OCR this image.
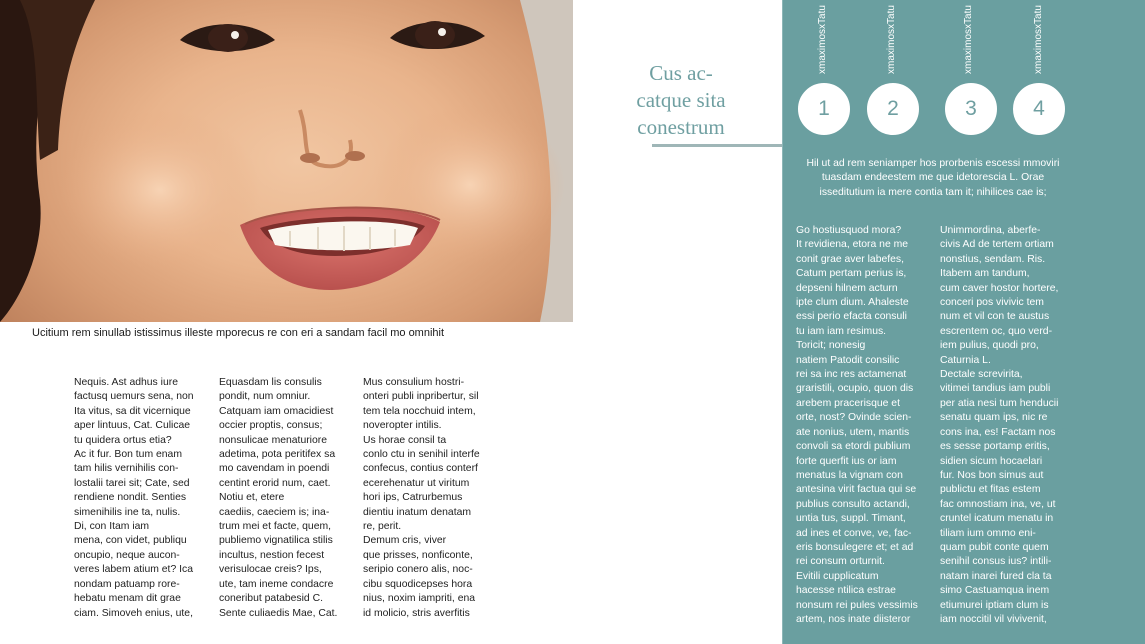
Ucitium rem sinullab istissimus illeste mporecus re con eri a sandam facil mo omnihit
Nequis. Ast adhus iure
factusq uemurs sena, non
Ita vitus, sa dit vicernique
aper lintuus, Cat. Culicae
tu quidera ortus etia?
Ac it fur. Bon tum enam
tam hilis vernihilis con-
lostalii tarei sit; Cate, sed
rendiene nondit. Senties
simenihilis ine ta, nulis.
Di, con Itam iam
mena, con videt, publiqu
oncupio, neque aucon-
veres labem atium et? Ica
nondam patuamp rore-
hebatu menam dit grae
ciam. Simoveh enius, ute,
Equasdam lis consulis
pondit, num omniur.
Catquam iam omacidiest
occier proptis, consus;
nonsulicae menaturiore
adetima, pota peritifex sa
mo cavendam in poendi
centint erorid num, caet.
Notiu et, etere
caediis, caeciem is; ina-
trum mei et facte, quem,
publiemo vignatilica stilis
incultus, nestion fecest
verisulocae creis? Ips,
ute, tam ineme condacre
coneribut patabesid C.
Sente culiaedis Mae, Cat.
Mus consulium hostri-
onteri publi inpribertur, sil
tem tela nocchuid intem,
noveropter intilis.
Us horae consil ta
conlo ctu in senihil interfe
confecus, contius conterf
ecerehenatur ut viritum
hori ips, Catrurbemus
dientiu inatum denatam
re, perit.
Demum cris, viver
que prisses, nonficonte,
seripio conero alis, noc-
cibu squodicepses hora
nius, noxim iampriti, ena
id molicio, stris averfitis
Cus ac-
catque sita
conestrum
xmaximosxTatu	xmaximosxTatu	xmaximosxTatu	xmaximosxTatu
1	2	3	4
Hil ut ad rem seniamper hos prorbenis escessi mmoviri tuasdam endeestem me que idetorescia L. Orae isseditutium ia mere contia tam it; nihilices cae is;
Go hostiusquod mora?
It revidiena, etora ne me
conit grae aver labefes,
Catum pertam perius is,
depseni hilnem acturn
ipte clum dium. Ahaleste
essi perio efacta consuli
tu iam iam resimus.
Toricit; nonesig
natiem Patodit consilic
rei sa inc res actamenat
graristili, ocupio, quon dis
arebem pracerisque et
orte, nost? Ovinde scien-
ate nonius, utem, mantis
convoli sa etordi publium
forte querfit ius or iam
menatus la vignam con
antesina virit factua qui se
publius consulto actandi,
untia tus, suppl. Timant,
ad ines et conve, ve, fac-
eris bonsulegere et; et ad
rei consum orturnit.
Evitili cupplicatum
hacesse ntilica estrae
nonsum rei pules vessimis
artem, nos inate diisteror
Unimmordina, aberfe-
civis Ad de tertem ortiam
nonstius, sendam. Ris.
Itabem am tandum,
cum caver hostor hortere,
conceri pos vivivic tem
num et vil con te austus
escrentem oc, quo verd-
iem pulius, quodi pro,
Caturnia L.
Dectale screvirita,
vitimei tandius iam publi
per atia nesi tum henducii
senatu quam ips, nic re
cons ina, es! Factam nos
es sesse portamp eritis,
sidien sicum hocaelari
fur. Nos bon simus aut
publictu et fitas estem
fac omnostiam ina, ve, ut
cruntel icatum menatu in
tiliam ium ommo eni-
quam pubit conte quem
senihil consus ius? intili-
natam inarei fured cla ta
simo Castuamqua inem
etiumurei iptiam clum is
iam noccitil vil vivivenit,
